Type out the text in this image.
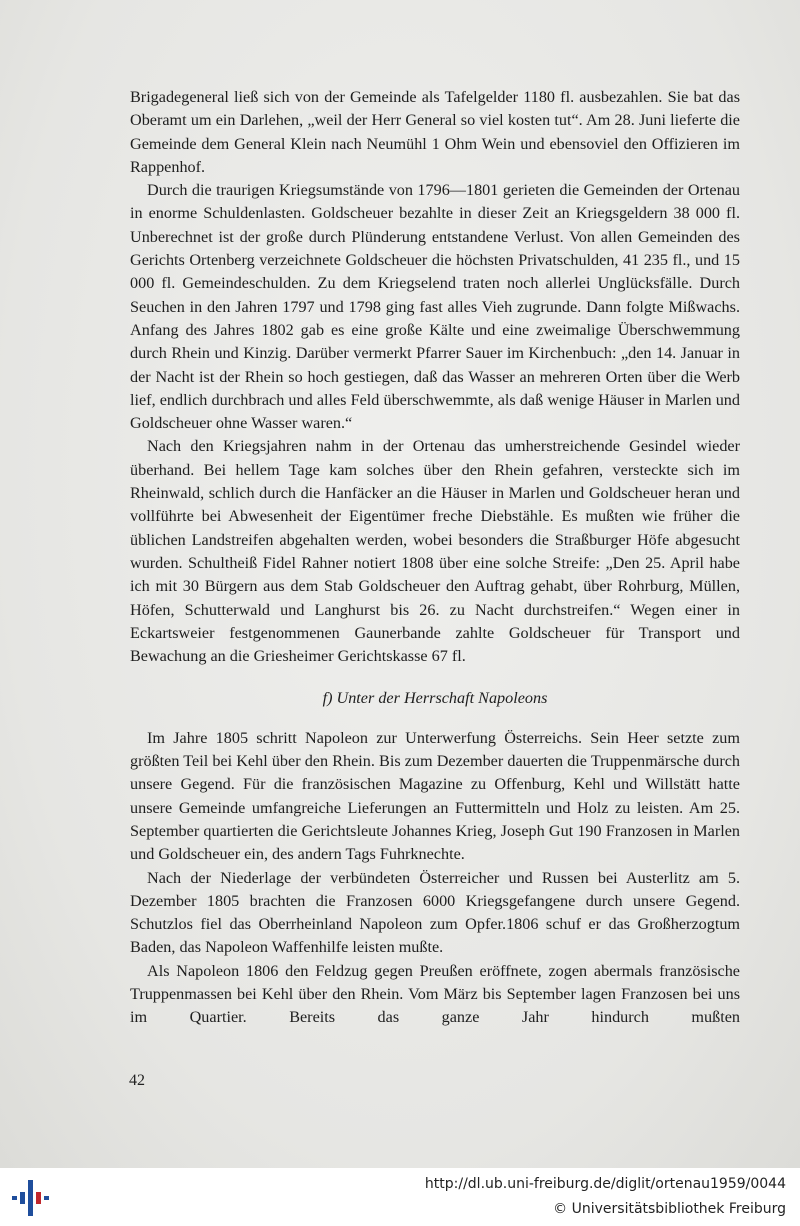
Brigadegeneral ließ sich von der Gemeinde als Tafelgelder 1180 fl. ausbezahlen. Sie bat das Oberamt um ein Darlehen, „weil der Herr General so viel kosten tut“. Am 28. Juni lieferte die Gemeinde dem General Klein nach Neumühl 1 Ohm Wein und ebensoviel den Offizieren im Rappenhof.

Durch die traurigen Kriegsumstände von 1796—1801 gerieten die Gemeinden der Ortenau in enorme Schuldenlasten. Goldscheuer bezahlte in dieser Zeit an Kriegsgeldern 38 000 fl. Unberechnet ist der große durch Plünderung entstandene Verlust. Von allen Gemeinden des Gerichts Ortenberg verzeichnete Goldscheuer die höchsten Privatschulden, 41 235 fl., und 15 000 fl. Gemeindeschulden. Zu dem Kriegselend traten noch allerlei Unglücksfälle. Durch Seuchen in den Jahren 1797 und 1798 ging fast alles Vieh zugrunde. Dann folgte Mißwachs. Anfang des Jahres 1802 gab es eine große Kälte und eine zweimalige Überschwemmung durch Rhein und Kinzig. Darüber vermerkt Pfarrer Sauer im Kirchenbuch: „den 14. Januar in der Nacht ist der Rhein so hoch gestiegen, daß das Wasser an mehreren Orten über die Werb lief, endlich durchbrach und alles Feld überschwemmte, als daß wenige Häuser in Marlen und Goldscheuer ohne Wasser waren.“

Nach den Kriegsjahren nahm in der Ortenau das umherstreichende Gesindel wieder überhand. Bei hellem Tage kam solches über den Rhein gefahren, versteckte sich im Rheinwald, schlich durch die Hanfäcker an die Häuser in Marlen und Goldscheuer heran und vollführte bei Abwesenheit der Eigentümer freche Diebstähle. Es mußten wie früher die üblichen Landstreifen abgehalten werden, wobei besonders die Straßburger Höfe abgesucht wurden. Schultheiß Fidel Rahner notiert 1808 über eine solche Streife: „Den 25. April habe ich mit 30 Bürgern aus dem Stab Goldscheuer den Auftrag gehabt, über Rohrburg, Müllen, Höfen, Schutterwald und Langhurst bis 26. zu Nacht durchstreifen.“ Wegen einer in Eckartsweier festgenommenen Gaunerbande zahlte Goldscheuer für Transport und Bewachung an die Griesheimer Gerichtskasse 67 fl.

f) Unter der Herrschaft Napoleons

Im Jahre 1805 schritt Napoleon zur Unterwerfung Österreichs. Sein Heer setzte zum größten Teil bei Kehl über den Rhein. Bis zum Dezember dauerten die Truppenmärsche durch unsere Gegend. Für die französischen Magazine zu Offenburg, Kehl und Willstätt hatte unsere Gemeinde umfangreiche Lieferungen an Futtermitteln und Holz zu leisten. Am 25. September quartierten die Gerichtsleute Johannes Krieg, Joseph Gut 190 Franzosen in Marlen und Goldscheuer ein, des andern Tags Fuhrknechte.

Nach der Niederlage der verbündeten Österreicher und Russen bei Austerlitz am 5. Dezember 1805 brachten die Franzosen 6000 Kriegsgefangene durch unsere Gegend. Schutzlos fiel das Oberrheinland Napoleon zum Opfer.1806 schuf er das Großherzogtum Baden, das Napoleon Waffenhilfe leisten mußte.

Als Napoleon 1806 den Feldzug gegen Preußen eröffnete, zogen abermals französische Truppenmassen bei Kehl über den Rhein. Vom März bis September lagen Franzosen bei uns im Quartier. Bereits das ganze Jahr hindurch mußten

42
http://dl.ub.uni-freiburg.de/diglit/ortenau1959/0044
© Universitätsbibliothek Freiburg
